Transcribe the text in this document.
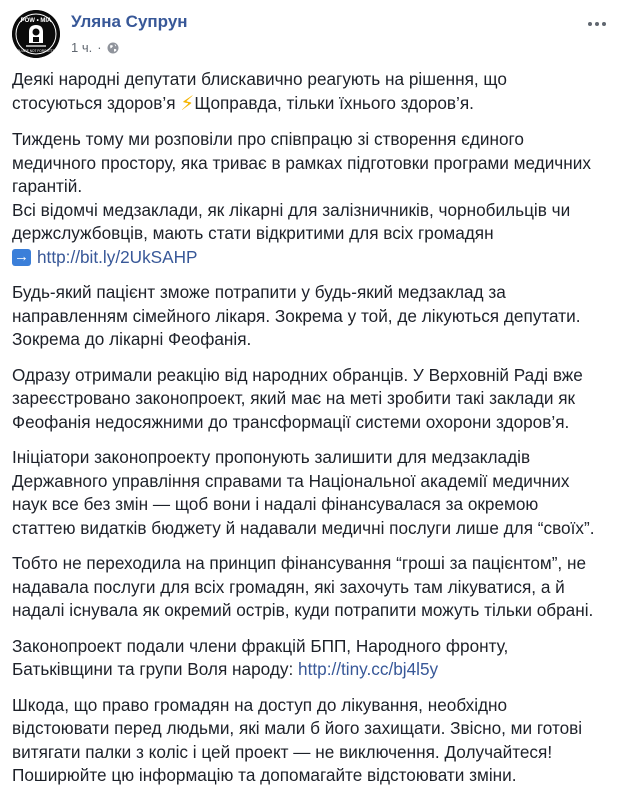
POW • MIA
YOU ARE NOT FORGOTTEN
Уляна Супрун
1 ч. ·

Деякі народні депутати блискавично реагують на рішення, що
стосуються здоров’я ⚡Щоправда, тільки їхнього здоров’я.

Тиждень тому ми розповіли про співпрацю зі створення єдиного
медичного простору, яка триває в рамках підготовки програми медичних
гарантій.
Всі відомчі медзаклади, як лікарні для залізничників, чорнобильців чи
держслужбовців, мають стати відкритими для всіх громадян
→http://bit.ly/2UkSAHP

Будь-який пацієнт зможе потрапити у будь-який медзаклад за
направленням сімейного лікаря. Зокрема у той, де лікуються депутати.
Зокрема до лікарні Феофанія.

Одразу отримали реакцію від народних обранців. У Верховній Раді вже
зареєстровано законопроект, який має на меті зробити такі заклади як
Феофанія недосяжними до трансформації системи охорони здоров’я.

Ініціатори законопроекту пропонують залишити для медзакладів
Державного управління справами та Національної академії медичних
наук все без змін — щоб вони і надалі фінансувалася за окремою
статтею видатків бюджету й надавали медичні послуги лише для “своїх”.

Тобто не переходила на принцип фінансування “гроші за пацієнтом”, не
надавала послуги для всіх громадян, які захочуть там лікуватися, а й
надалі існувала як окремий острів, куди потрапити можуть тільки обрані.

Законопроект подали члени фракцій БПП, Народного фронту,
Батьківщини та групи Воля народу: http://tiny.cc/bj4l5y

Шкода, що право громадян на доступ до лікування, необхідно
відстоювати перед людьми, які мали б його захищати. Звісно, ми готові
витягати палки з коліс і цей проект — не виключення. Долучайтеся!
Поширюйте цю інформацію та допомагайте відстоювати зміни.
